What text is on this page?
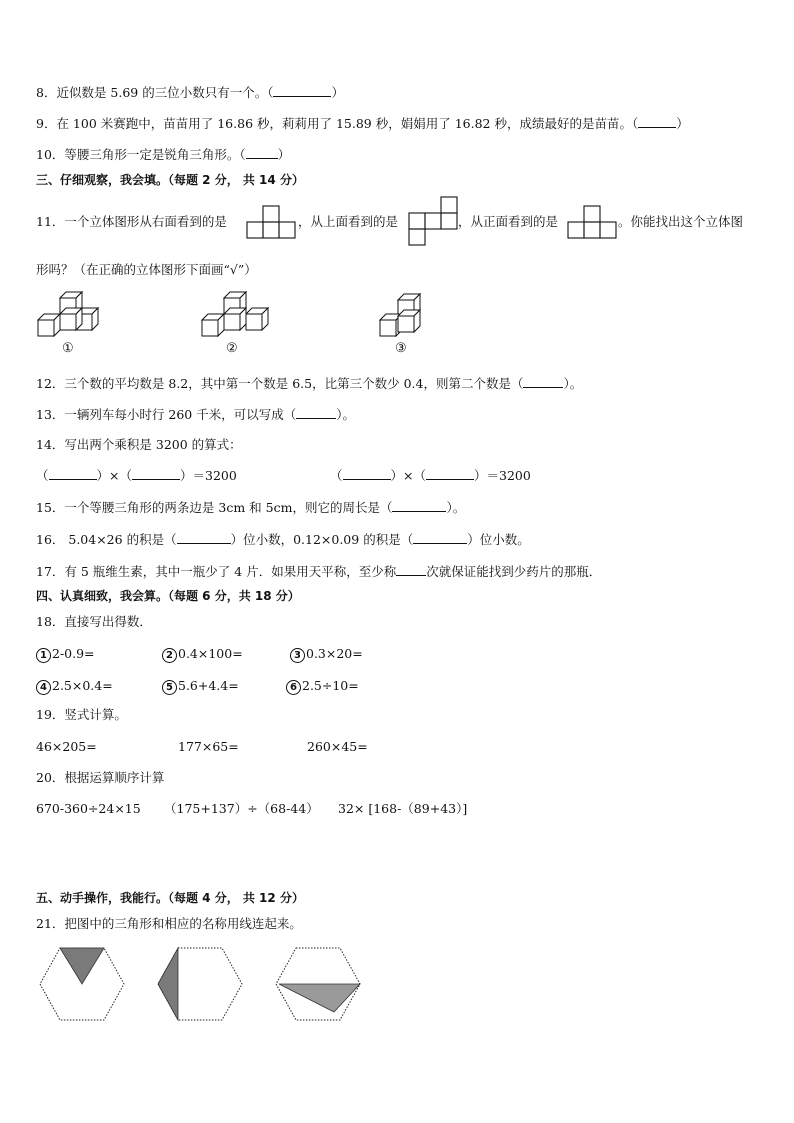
8．近似数是 5.69 的三位小数只有一个。（	）
9．在 100 米赛跑中，苗苗用了 16.86 秒，莉莉用了 15.89 秒，娟娟用了 16.82 秒，成绩最好的是苗苗。（	）
10．等腰三角形一定是锐角三角形。（	）
三、仔细观察，我会填。（每题 2 分， 共 14 分）
11．一个立体图形从右面看到的是	，从上面看到的是	，从正面看到的是	。你能找出这个立体图
形吗？（在正确的立体图形下面画“√”）
①	②	③
12．三个数的平均数是 8.2，其中第一个数是 6.5，比第三个数少 0.4，则第二个数是（	）。
13．一辆列车每小时行 260 千米，可以写成（	）。
14．写出两个乘积是 3200 的算式：
（	）×（	）＝3200	（	）×（	）＝3200
15．一个等腰三角形的两条边是 3cm 和 5cm，则它的周长是（	）。
16． 5.04×26 的积是（	）位小数，0.12×0.09 的积是（	）位小数。
17．有 5 瓶维生素，其中一瓶少了 4 片．如果用天平称，至少称 次就保证能找到少药片的那瓶．
四、认真细致，我会算。（每题 6 分，共 18 分）
18．直接写出得数．
1 2-0.9=	2 0.4×100=	3 0.3×20=
4 2.5×0.4=	5 5.6+4.4=	6 2.5÷10=
19．竖式计算。
46×205=	177×65=	260×45=
20．根据运算顺序计算
670-360÷24×15 （175+137）÷（68-44） 32× [168-（89+43）]
五、动手操作，我能行。（每题 4 分， 共 12 分）
21．把图中的三角形和相应的名称用线连起来。
